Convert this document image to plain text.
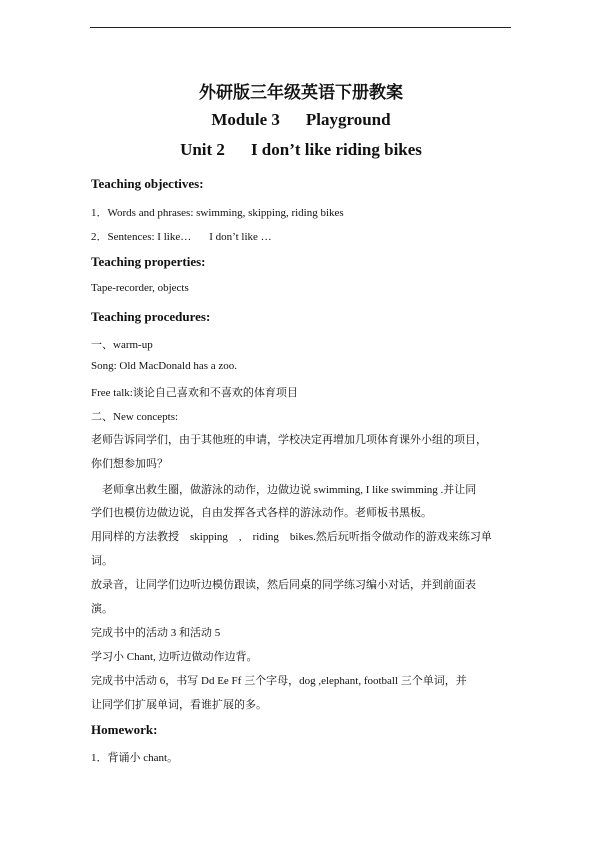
外研版三年级英语下册教案
Module 3 Playground
Unit 2 I don’t like riding bikes
Teaching objectives:
1．Words and phrases: swimming, skipping, riding bikes
2．Sentences: I like… I don’t like …
Teaching properties:
Tape-recorder, objects
Teaching procedures:
一、warm-up
Song: Old MacDonald has a zoo.
Free talk:谈论自己喜欢和不喜欢的体育项目
二、New concepts:
老师告诉同学们，由于其他班的申请，学校决定再增加几项体育课外小组的项目，
你们想参加吗？
　老师拿出救生圈，做游泳的动作，边做边说 swimming, I like swimming .并让同
学们也模仿边做边说，自由发挥各式各样的游泳动作。老师板书黑板。
用同样的方法教授　skipping　,　riding　bikes.然后玩听指令做动作的游戏来练习单
词。
放录音，让同学们边听边模仿跟读，然后同桌的同学练习编小对话，并到前面表
演。
完成书中的活动 3 和活动 5
学习小 Chant, 边听边做动作边背。
完成书中活动 6，书写 Dd Ee Ff 三个字母，dog ,elephant, football 三个单词，并
让同学们扩展单词，看谁扩展的多。
Homework:
1．背诵小 chant。
